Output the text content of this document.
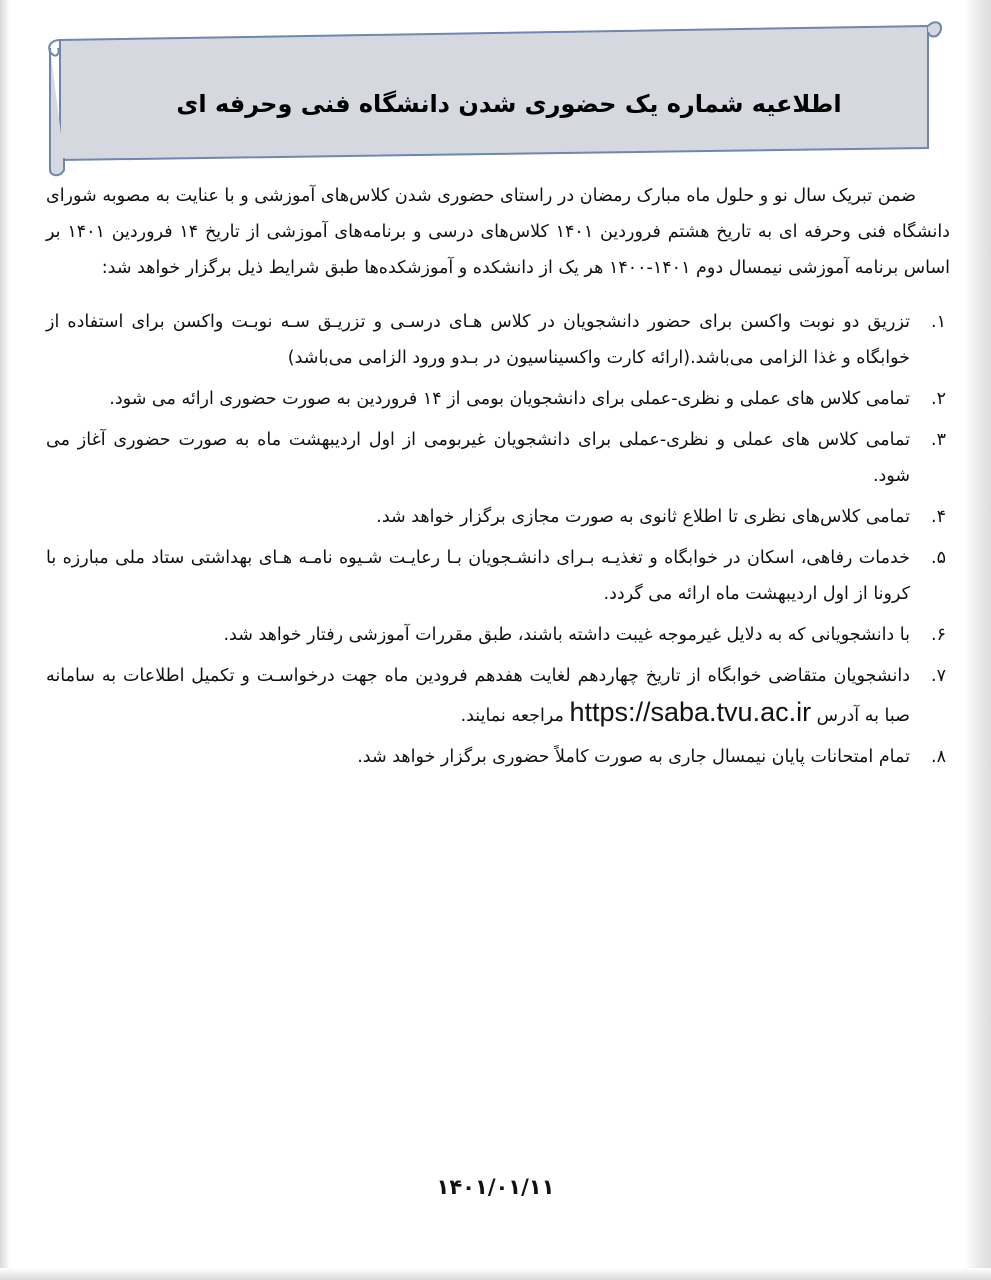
اطلاعیه شماره یک حضوری شدن دانشگاه فنی وحرفه ای

ضمن تبریک سال نو و حلول ماه مبارک رمضان در راستای حضوری شدن کلاس‌های آموزشی و با عنایت به مصوبه شورای دانشگاه فنی وحرفه ای به تاریخ هشتم فروردین ۱۴۰۱ کلاس‌های درسی و برنامه‌های آموزشی از تاریخ ۱۴ فروردین ۱۴۰۱ بر اساس برنامه آموزشی نیمسال دوم ۱۴۰۱-۱۴۰۰ هر یک از دانشکده و آموزشکده‌ها طبق شرایط ذیل برگزار خواهد شد:

۱.
تزریق دو نوبت واکسن برای حضور دانشجویان در کلاس هـای درسـی و تزریـق سـه نوبـت واکسن برای استفاده از خوابگاه و غذا الزامی می‌باشد.(ارائه کارت واکسیناسیون در بـدو ورود الزامی می‌باشد)
۲.
تمامی کلاس های عملی و نظری-عملی برای دانشجویان بومی از ۱۴ فروردین به صورت حضوری ارائه می شود.
۳.
تمامی کلاس های عملی و نظری-عملی برای دانشجویان غیربومی از اول اردیبهشت ماه به صورت حضوری آغاز می شود.
۴.
تمامی کلاس‌های نظری تا اطلاع ثانوی به صورت مجازی برگزار خواهد شد.
۵.
خدمات رفاهی، اسکان در خوابگاه و تغذیـه بـرای دانشـجویان بـا رعایـت شـیوه نامـه هـای بهداشتی ستاد ملی مبارزه با کرونا از اول اردیبهشت ماه ارائه می گردد.
۶.
با دانشجویانی که به دلایل غیرموجه غیبت داشته باشند، طبق مقررات آموزشی رفتار خواهد شد.
۷.
دانشجویان متقاضی خوابگاه از تاریخ چهاردهم لغایت هفدهم فرودین ماه جهت درخواسـت و تکمیل اطلاعات به سامانه صبا به آدرس https://saba.tvu.ac.ir مراجعه نمایند.
۸.
تمام امتحانات پایان نیمسال جاری به صورت کاملاً حضوری برگزار خواهد شد.
۱۴۰۱/۰۱/۱۱
